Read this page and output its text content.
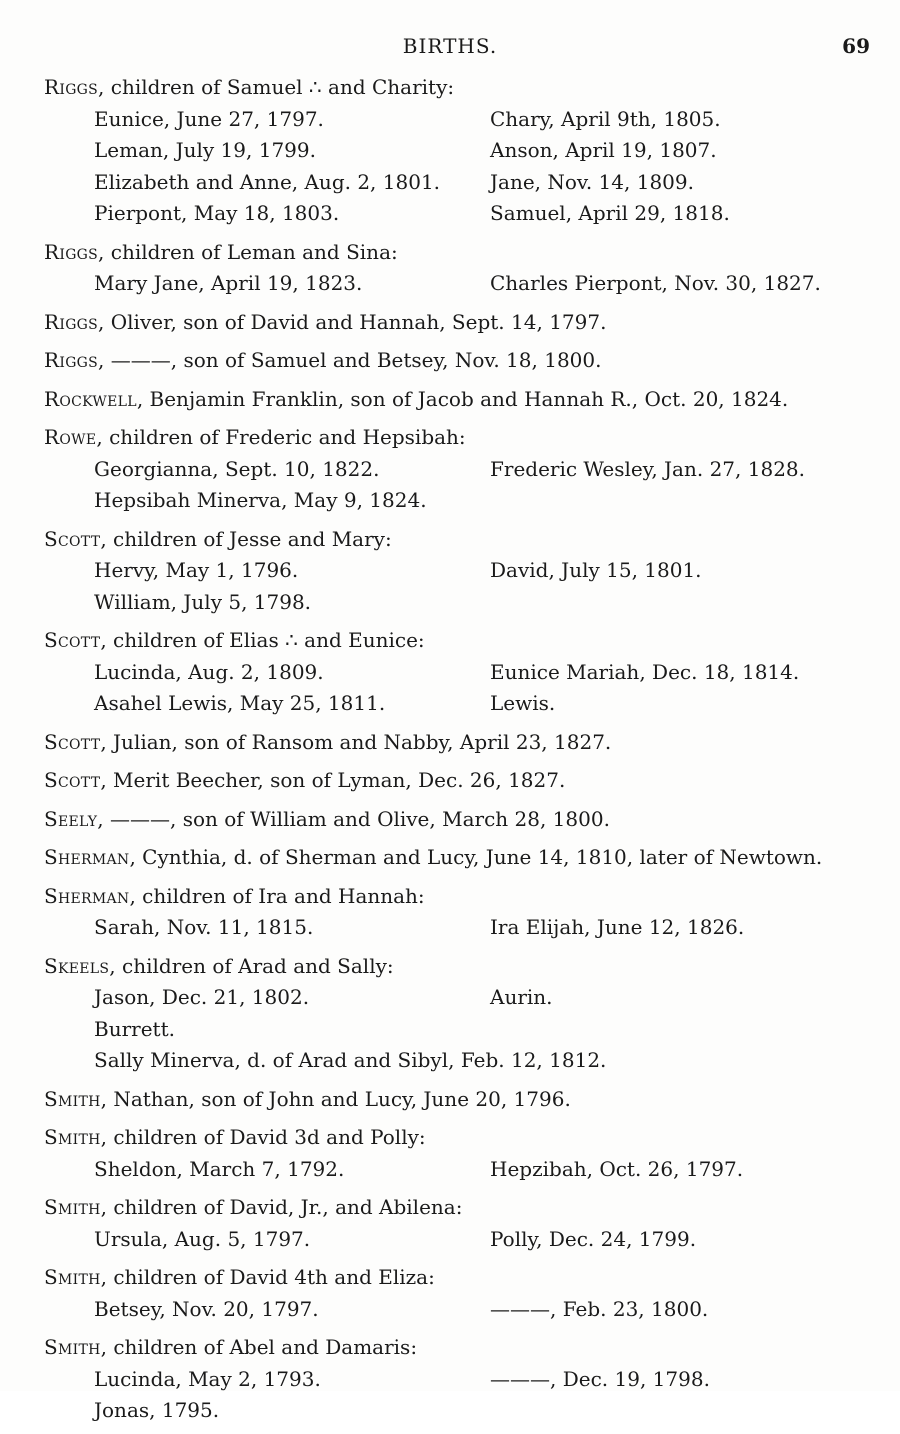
BIRTHS.	69
Riggs, children of Samuel ∴ and Charity:
Eunice, June 27, 1797.	Chary, April 9th, 1805.
Leman, July 19, 1799.	Anson, April 19, 1807.
Elizabeth and Anne, Aug. 2, 1801. Jane, Nov. 14, 1809.
Pierpont, May 18, 1803.	Samuel, April 29, 1818.
Riggs, children of Leman and Sina:
Mary Jane, April 19, 1823.	Charles Pierpont, Nov. 30, 1827.
Riggs, Oliver, son of David and Hannah, Sept. 14, 1797.
Riggs, ———, son of Samuel and Betsey, Nov. 18, 1800.
Rockwell, Benjamin Franklin, son of Jacob and Hannah R., Oct. 20, 1824.
Rowe, children of Frederic and Hepsibah:
Georgianna, Sept. 10, 1822.	Frederic Wesley, Jan. 27, 1828.
Hepsibah Minerva, May 9, 1824.
Scott, children of Jesse and Mary:
Hervy, May 1, 1796.	David, July 15, 1801.
William, July 5, 1798.
Scott, children of Elias ∴ and Eunice:
Lucinda, Aug. 2, 1809.	Eunice Mariah, Dec. 18, 1814.
Asahel Lewis, May 25, 1811.	Lewis.
Scott, Julian, son of Ransom and Nabby, April 23, 1827.
Scott, Merit Beecher, son of Lyman, Dec. 26, 1827.
Seely, ———, son of William and Olive, March 28, 1800.
Sherman, Cynthia, d. of Sherman and Lucy, June 14, 1810, later of Newtown.
Sherman, children of Ira and Hannah:
Sarah, Nov. 11, 1815.	Ira Elijah, June 12, 1826.
Skeels, children of Arad and Sally:
Jason, Dec. 21, 1802.	Aurin.
Burrett.
Sally Minerva, d. of Arad and Sibyl, Feb. 12, 1812.
Smith, Nathan, son of John and Lucy, June 20, 1796.
Smith, children of David 3d and Polly:
Sheldon, March 7, 1792.	Hepzibah, Oct. 26, 1797.
Smith, children of David, Jr., and Abilena:
Ursula, Aug. 5, 1797.	Polly, Dec. 24, 1799.
Smith, children of David 4th and Eliza:
Betsey, Nov. 20, 1797.	———, Feb. 23, 1800.
Smith, children of Abel and Damaris:
Lucinda, May 2, 1793.	———, Dec. 19, 1798.
Jonas, 1795.
